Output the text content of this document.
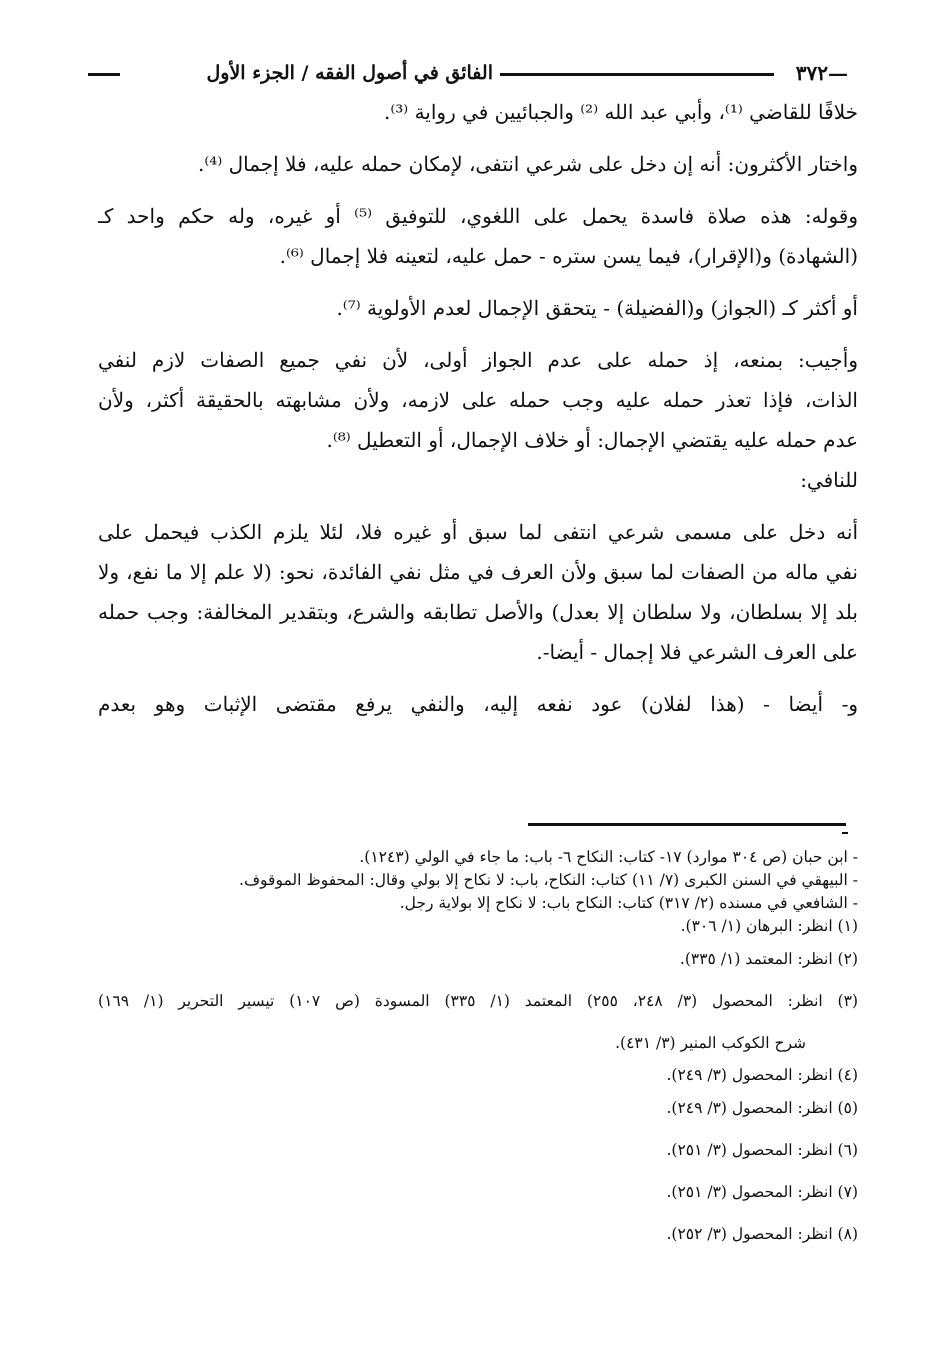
—٣٧٢
الفائق في أصول الفقه / الجزء الأول
خلافًا للقاضي ⁽¹⁾، وأبي عبد الله ⁽²⁾ والجبائيين في رواية ⁽³⁾.
واختار الأكثرون: أنه إن دخل على شرعي انتفى، لإمكان حمله عليه، فلا إجمال ⁽⁴⁾.
وقوله: هذه صلاة فاسدة يحمل على اللغوي، للتوفيق ⁽⁵⁾ أو غيره، وله حكم واحد كـ
(الشهادة) و(الإقرار)، فيما يسن ستره - حمل عليه، لتعينه فلا إجمال ⁽⁶⁾.
أو أكثر كـ (الجواز) و(الفضيلة) - يتحقق الإجمال لعدم الأولوية ⁽⁷⁾.
وأجيب: بمنعه، إذ حمله على عدم الجواز أولى، لأن نفي جميع الصفات لازم لنفي
الذات، فإذا تعذر حمله عليه وجب حمله على لازمه، ولأن مشابهته بالحقيقة أكثر، ولأن
عدم حمله عليه يقتضي الإجمال: أو خلاف الإجمال، أو التعطيل ⁽⁸⁾.
للنافي:
أنه دخل على مسمى شرعي انتفى لما سبق أو غيره فلا، لئلا يلزم الكذب فيحمل على
نفي ماله من الصفات لما سبق ولأن العرف في مثل نفي الفائدة، نحو: (لا علم إلا ما نفع، ولا
بلد إلا بسلطان، ولا سلطان إلا بعدل) والأصل تطابقه والشرع، وبتقدير المخالفة: وجب حمله
على العرف الشرعي فلا إجمال - أيضا-.
و- أيضا - (هذا لفلان) عود نفعه إليه، والنفي يرفع مقتضى الإثبات وهو بعدم
- ابن حبان (ص ٣٠٤ موارد) ١٧- كتاب: النكاح ٦- باب: ما جاء في الولي (١٢٤٣).
- البيهقي في السنن الكبرى (٧/ ١١) كتاب: النكاح، باب: لا نكاح إلا بولي وقال: المحفوظ الموقوف.
- الشافعي في مسنده (٢/ ٣١٧) كتاب: النكاح باب: لا نكاح إلا بولاية رجل.
(١) انظر: البرهان (١/ ٣٠٦).
(٢) انظر: المعتمد (١/ ٣٣٥).
(٣) انظر: المحصول (٣/ ٢٤٨، ٢٥٥) المعتمد (١/ ٣٣٥) المسودة (ص ١٠٧) تيسير التحرير (١/ ١٦٩)
شرح الكوكب المنير (٣/ ٤٣١).
(٤) انظر: المحصول (٣/ ٢٤٩).
(٥) انظر: المحصول (٣/ ٢٤٩).
(٦) انظر: المحصول (٣/ ٢٥١).
(٧) انظر: المحصول (٣/ ٢٥١).
(٨) انظر: المحصول (٣/ ٢٥٢).
